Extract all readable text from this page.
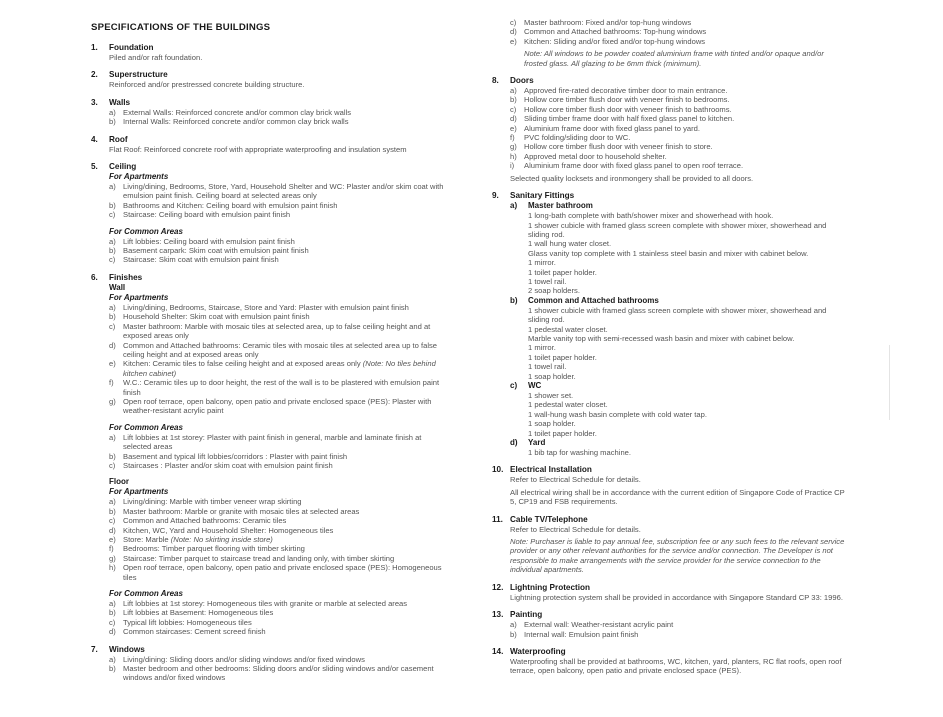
SPECIFICATIONS OF THE BUILDINGS
1.	Foundation
Piled and/or raft foundation.
2.	Superstructure
Reinforced and/or prestressed concrete building structure.
3.	Walls
a) External Walls: Reinforced concrete and/or common clay brick walls
b) Internal Walls: Reinforced concrete and/or common clay brick walls
4.	Roof
Flat Roof: Reinforced concrete roof with appropriate waterproofing and insulation system
5.	Ceiling
For Apartments
a) Living/dining, Bedrooms, Store, Yard, Household Shelter and WC: Plaster and/or skim coat with emulsion paint finish. Ceiling board at selected areas only
b) Bathrooms and Kitchen: Ceiling board with emulsion paint finish
c)	Staircase: Ceiling board with emulsion paint finish
For Common Areas
a) Lift lobbies: Ceiling board with emulsion paint finish
b) Basement carpark: Skim coat with emulsion paint finish
c)	Staircase: Skim coat with emulsion paint finish
6.	Finishes
Wall
For Apartments
a) Living/dining, Bedrooms, Staircase, Store and Yard: Plaster with emulsion paint finish
b) Household Shelter: Skim coat with emulsion paint finish
c)	Master bathroom: Marble with mosaic tiles at selected area, up to false ceiling height and at exposed areas only
d) Common and Attached bathrooms: Ceramic tiles with mosaic tiles at selected area up to false ceiling height and at exposed areas only
e) Kitchen: Ceramic tiles to false ceiling height and at exposed areas only (Note: No tiles behind kitchen cabinet)
f)	W.C.: Ceramic tiles up to door height, the rest of the wall is to be plastered with emulsion paint finish
g) Open roof terrace, open balcony, open patio and private enclosed space (PES): Plaster with weather-resistant acrylic paint
For Common Areas
a) Lift lobbies at 1st storey: Plaster with paint finish in general, marble and laminate finish at selected areas
b) Basement and typical lift lobbies/corridors : Plaster with paint finish
c)	Staircases : Plaster and/or skim coat with emulsion paint finish
Floor
For Apartments
a) Living/dining: Marble with timber veneer wrap skirting
b) Master bathroom: Marble or granite with mosaic tiles at selected areas
c)	Common and Attached bathrooms: Ceramic tiles
d) Kitchen, WC, Yard and Household Shelter: Homogeneous tiles
e) Store: Marble (Note: No skirting inside store)
f)	Bedrooms: Timber parquet flooring with timber skirting
g) Staircase: Timber parquet to staircase tread and landing only, with timber skirting
h) Open roof terrace, open balcony, open patio and private enclosed space (PES): Homogeneous tiles
For Common Areas
a) Lift lobbies at 1st storey: Homogeneous tiles with granite or marble at selected areas
b) Lift lobbies at Basement: Homogeneous tiles
c)	Typical lift lobbies: Homogeneous tiles
d) Common staircases: Cement screed finish
7.	Windows
a) Living/dining: Sliding doors and/or sliding windows and/or fixed windows
b) Master bedroom and other bedrooms: Sliding doors and/or sliding windows and/or casement windows and/or fixed windows
c)	Master bathroom: Fixed and/or top-hung windows
d) Common and Attached bathrooms: Top-hung windows
e) Kitchen: Sliding and/or fixed and/or top-hung windows
Note: All windows to be powder coated aluminium frame with tinted and/or opaque and/or frosted glass. All glazing to be 6mm thick (minimum).
8.	Doors
a) Approved fire-rated decorative timber door to main entrance.
b) Hollow core timber flush door with veneer finish to bedrooms.
c)	Hollow core timber flush door with veneer finish to bathrooms.
d) Sliding timber frame door with half fixed glass panel to kitchen.
e) Aluminium frame door with fixed glass panel to yard.
f)	PVC folding/sliding door to WC.
g) Hollow core timber flush door with veneer finish to store.
h) Approved metal door to household shelter.
i)	Aluminium frame door with fixed glass panel to open roof terrace.
Selected quality locksets and ironmongery shall be provided to all doors.
9.	Sanitary Fittings
a)	Master bathroom
1 long-bath complete with bath/shower mixer and showerhead with hook.
1 shower cubicle with framed glass screen complete with shower mixer, showerhead and sliding rod.
1 wall hung water closet.
Glass vanity top complete with 1 stainless steel basin and mixer with cabinet below.
1 mirror.
1 toilet paper holder.
1 towel rail.
2 soap holders.
b)	Common and Attached bathrooms
1 shower cubicle with framed glass screen complete with shower mixer, showerhead and sliding rod.
1 pedestal water closet.
Marble vanity top with semi-recessed wash basin and mixer with cabinet below.
1 mirror.
1 toilet paper holder.
1 towel rail.
1 soap holder.
c)	WC
1 shower set.
1 pedestal water closet.
1 wall-hung wash basin complete with cold water tap.
1 soap holder.
1 toilet paper holder.
d)	Yard
1 bib tap for washing machine.
10. Electrical Installation
Refer to Electrical Schedule for details.
All electrical wiring shall be in accordance with the current edition of Singapore Code of Practice CP 5, CP19 and FSB requirements.
11. Cable TV/Telephone
Refer to Electrical Schedule for details.
Note: Purchaser is liable to pay annual fee, subscription fee or any such fees to the relevant service provider or any other relevant authorities for the service and/or connection. The Developer is not responsible to make arrangements with the service provider for the service connection to the individual apartments.
12. Lightning Protection
Lightning protection system shall be provided in accordance with Singapore Standard CP 33: 1996.
13. Painting
a) External wall: Weather-resistant acrylic paint
b) Internal wall: Emulsion paint finish
14. Waterproofing
Waterproofing shall be provided at bathrooms, WC, kitchen, yard, planters, RC flat roofs, open roof terrace, open balcony, open patio and private enclosed space (PES).
